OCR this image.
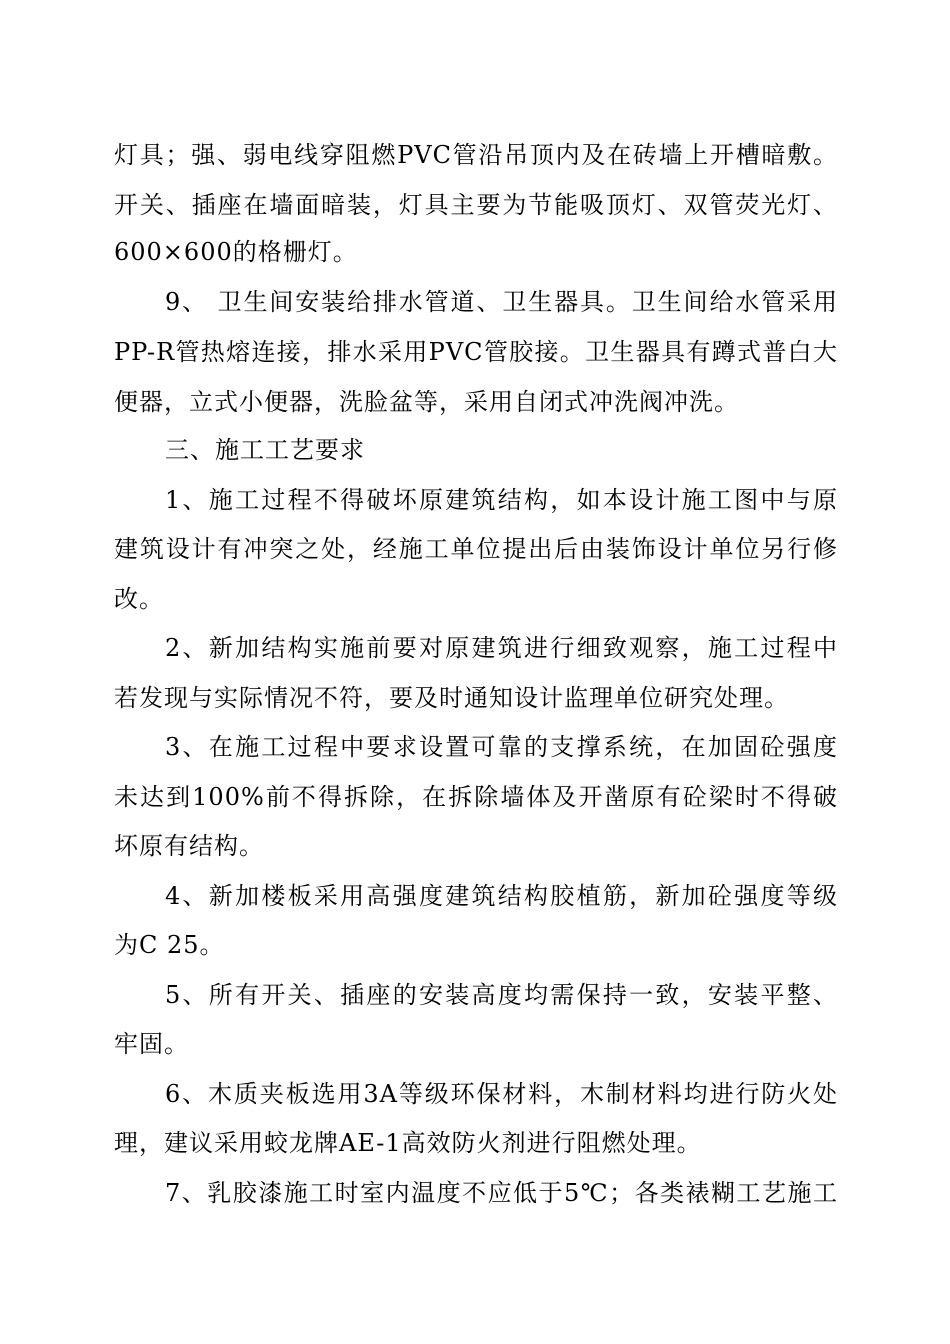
灯具；强、弱电线穿阻燃PVC管沿吊顶内及在砖墙上开槽暗敷。
开关、插座在墙面暗装，灯具主要为节能吸顶灯、双管荧光灯、
600×600的格栅灯。
9、 卫生间安装给排水管道、卫生器具。卫生间给水管采用
PP-R管热熔连接，排水采用PVC管胶接。卫生器具有蹲式普白大
便器，立式小便器，洗脸盆等，采用自闭式冲洗阀冲洗。
三、施工工艺要求
1、施工过程不得破坏原建筑结构，如本设计施工图中与原
建筑设计有冲突之处，经施工单位提出后由装饰设计单位另行修
改。
2、新加结构实施前要对原建筑进行细致观察，施工过程中
若发现与实际情况不符，要及时通知设计监理单位研究处理。
3、在施工过程中要求设置可靠的支撑系统，在加固砼强度
未达到100%前不得拆除，在拆除墙体及开凿原有砼梁时不得破
坏原有结构。
4、新加楼板采用高强度建筑结构胶植筋，新加砼强度等级
为C 25。
5、所有开关、插座的安装高度均需保持一致，安装平整、
牢固。
6、木质夹板选用3A等级环保材料，木制材料均进行防火处
理，建议采用蛟龙牌AE-1高效防火剂进行阻燃处理。
7、乳胶漆施工时室内温度不应低于5℃；各类裱糊工艺施工
